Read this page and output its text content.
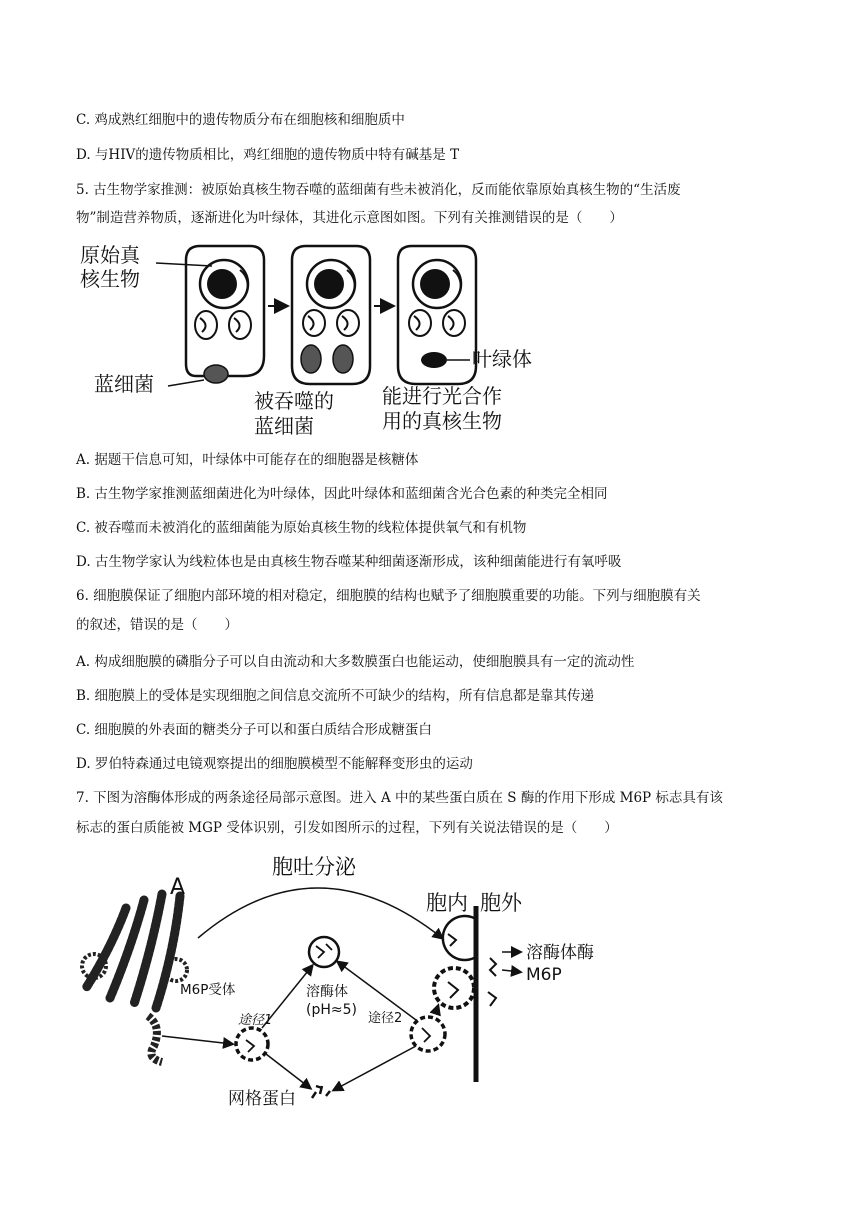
C. 鸡成熟红细胞中的遗传物质分布在细胞核和细胞质中
D. 与HIV的遗传物质相比，鸡红细胞的遗传物质中特有碱基是 T
5. 古生物学家推测：被原始真核生物吞噬的蓝细菌有些未被消化，反而能依靠原始真核生物的“生活废
物”制造营养物质，逐渐进化为叶绿体，其进化示意图如图。下列有关推测错误的是（　　）
原始真
核生物
蓝细菌
被吞噬的
蓝细菌
叶绿体
能进行光合作
用的真核生物
A. 据题干信息可知，叶绿体中可能存在的细胞器是核糖体
B. 古生物学家推测蓝细菌进化为叶绿体，因此叶绿体和蓝细菌含光合色素的种类完全相同
C. 被吞噬而未被消化的蓝细菌能为原始真核生物的线粒体提供氧气和有机物
D. 古生物学家认为线粒体也是由真核生物吞噬某种细菌逐渐形成，该种细菌能进行有氧呼吸
6. 细胞膜保证了细胞内部环境的相对稳定，细胞膜的结构也赋予了细胞膜重要的功能。下列与细胞膜有关
的叙述，错误的是（　　）
A. 构成细胞膜的磷脂分子可以自由流动和大多数膜蛋白也能运动，使细胞膜具有一定的流动性
B. 细胞膜上的受体是实现细胞之间信息交流所不可缺少的结构，所有信息都是靠其传递
C. 细胞膜的外表面的糖类分子可以和蛋白质结合形成糖蛋白
D. 罗伯特森通过电镜观察提出的细胞膜模型不能解释变形虫的运动
7. 下图为溶酶体形成的两条途径局部示意图。进入 A 中的某些蛋白质在 S 酶的作用下形成 M6P 标志具有该
标志的蛋白质能被 MGP 受体识别，引发如图所示的过程，下列有关说法错误的是（　　）
A
胞吐分泌
胞内 胞外
溶酶体酶
M6P
M6P受体	溶酶体
(pH≈5)
途径1	途径2
网格蛋白
